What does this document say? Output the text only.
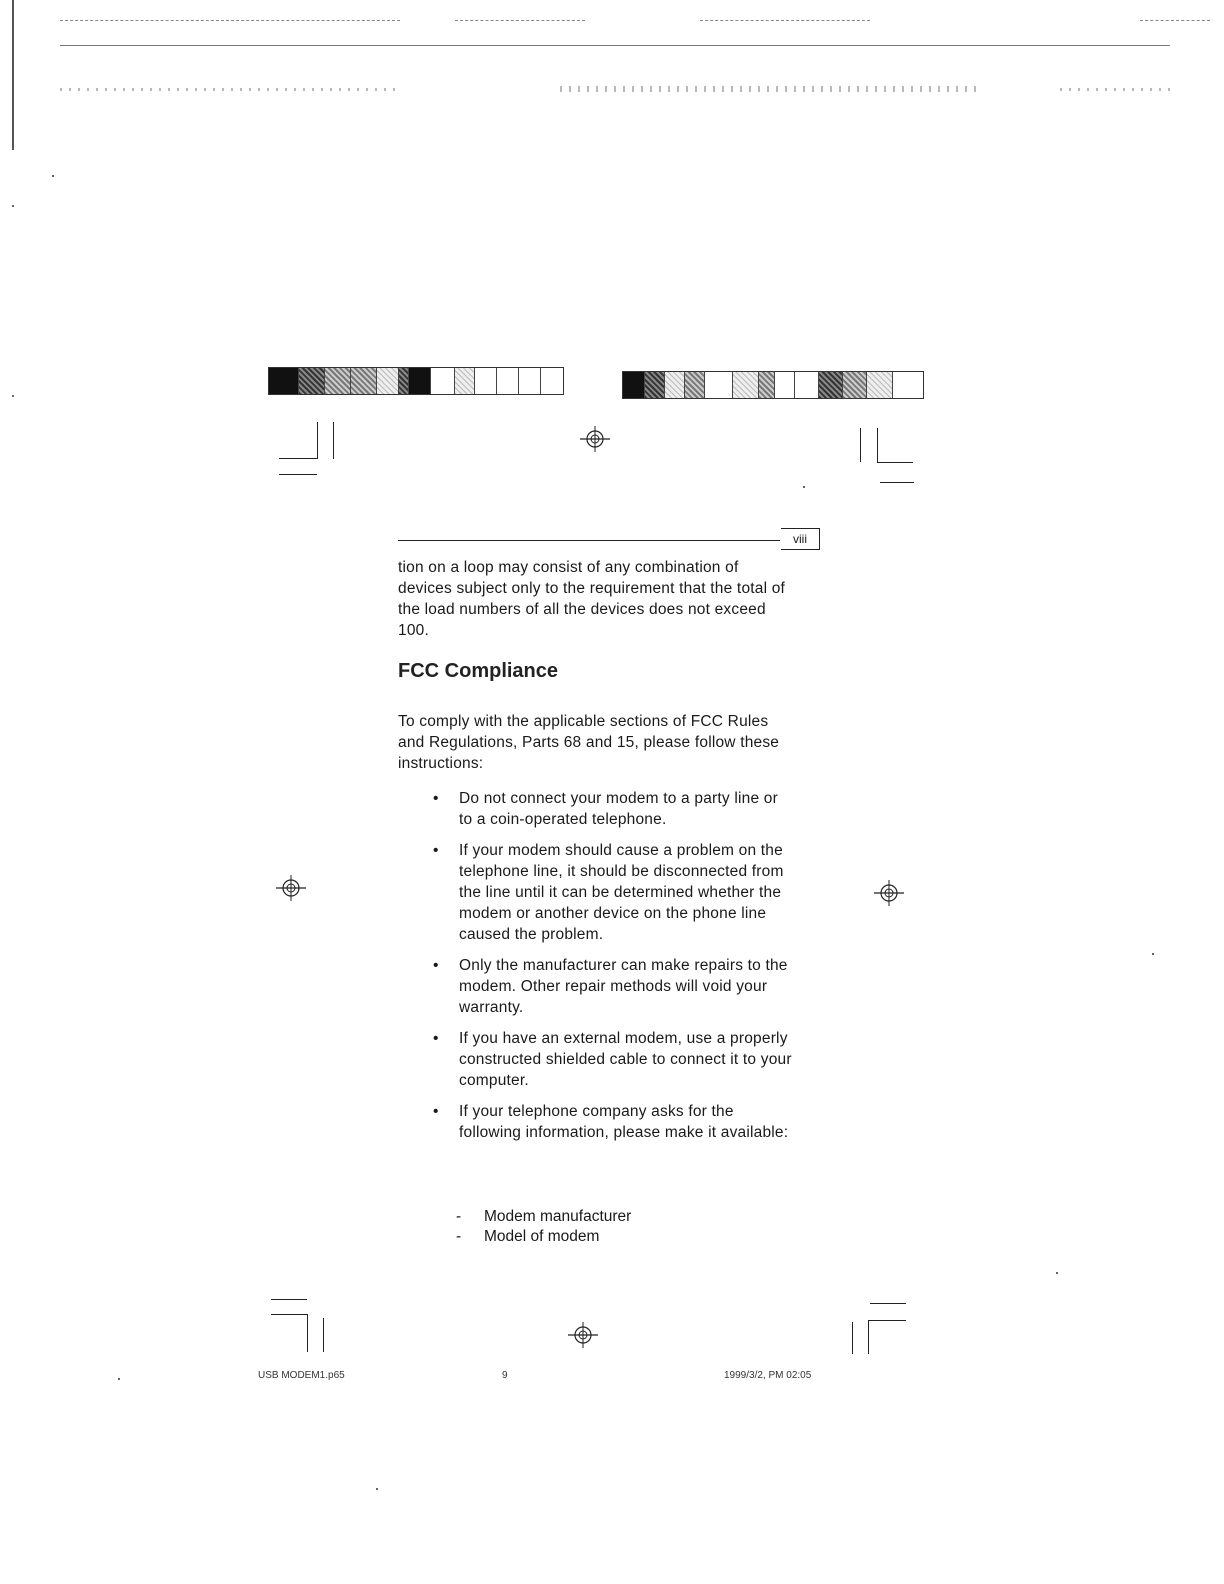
viii

tion on a loop may consist of any combination of devices subject only to the requirement that the total of the load numbers of all the devices does not exceed 100.

FCC Compliance

To comply with the applicable sections of FCC Rules and Regulations, Parts 68 and 15, please follow these instructions:

• Do not connect your modem to a party line or to a coin-operated telephone.
• If your modem should cause a problem on the telephone line, it should be disconnected from the line until it can be determined whether the modem or another device on the phone line caused the problem.
• Only the manufacturer can make repairs to the modem. Other repair methods will void your warranty.
• If you have an external modem, use a properly constructed shielded cable to connect it to your computer.
• If your telephone company asks for the following information, please make it available:
- Modem manufacturer
- Model of modem
USB MODEM1.p65	9	1999/3/2, PM 02:05
